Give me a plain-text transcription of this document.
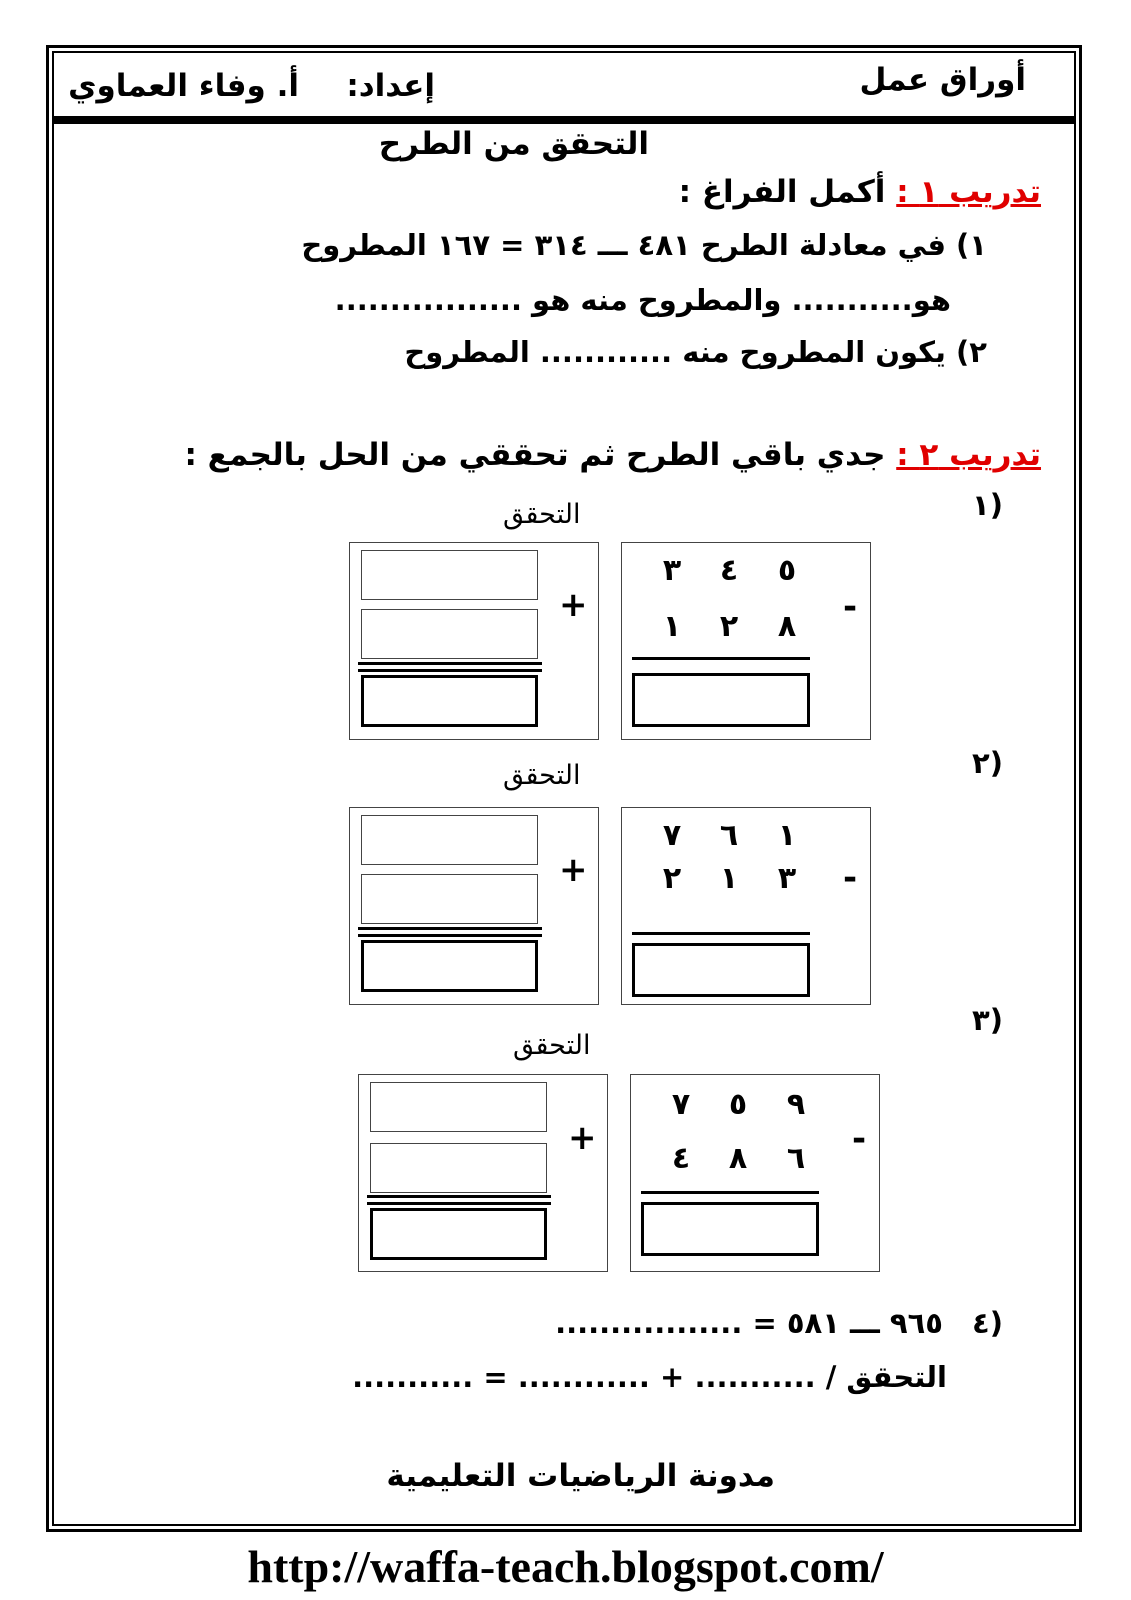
أوراق عمل
إعداد:
أ. وفاء العماوي
التحقق من الطرح
تدريب ١ : أكمل الفراغ :
١) في معادلة الطرح ٤٨١ ـــ ٣١٤ = ١٦٧ المطروح
هو........... والمطروح منه هو .................
٢) يكون المطروح منه ............ المطروح
تدريب ٢ : جدي باقي الطرح ثم تحققي من الحل بالجمع :
١)
التحقق
+
٣ ٤ ٥
١ ٢ ٨ -
٢)
التحقق
+
٧ ٦ ١
٢ ١ ٣ -
٣)
التحقق
+
٧ ٥ ٩
٤ ٨ ٦ -
٤)
٩٦٥ ـــ ٥٨١ = .................
التحقق / ........... + ............ = ...........
مدونة الرياضيات التعليمية
http://waffa-teach.blogspot.com/
